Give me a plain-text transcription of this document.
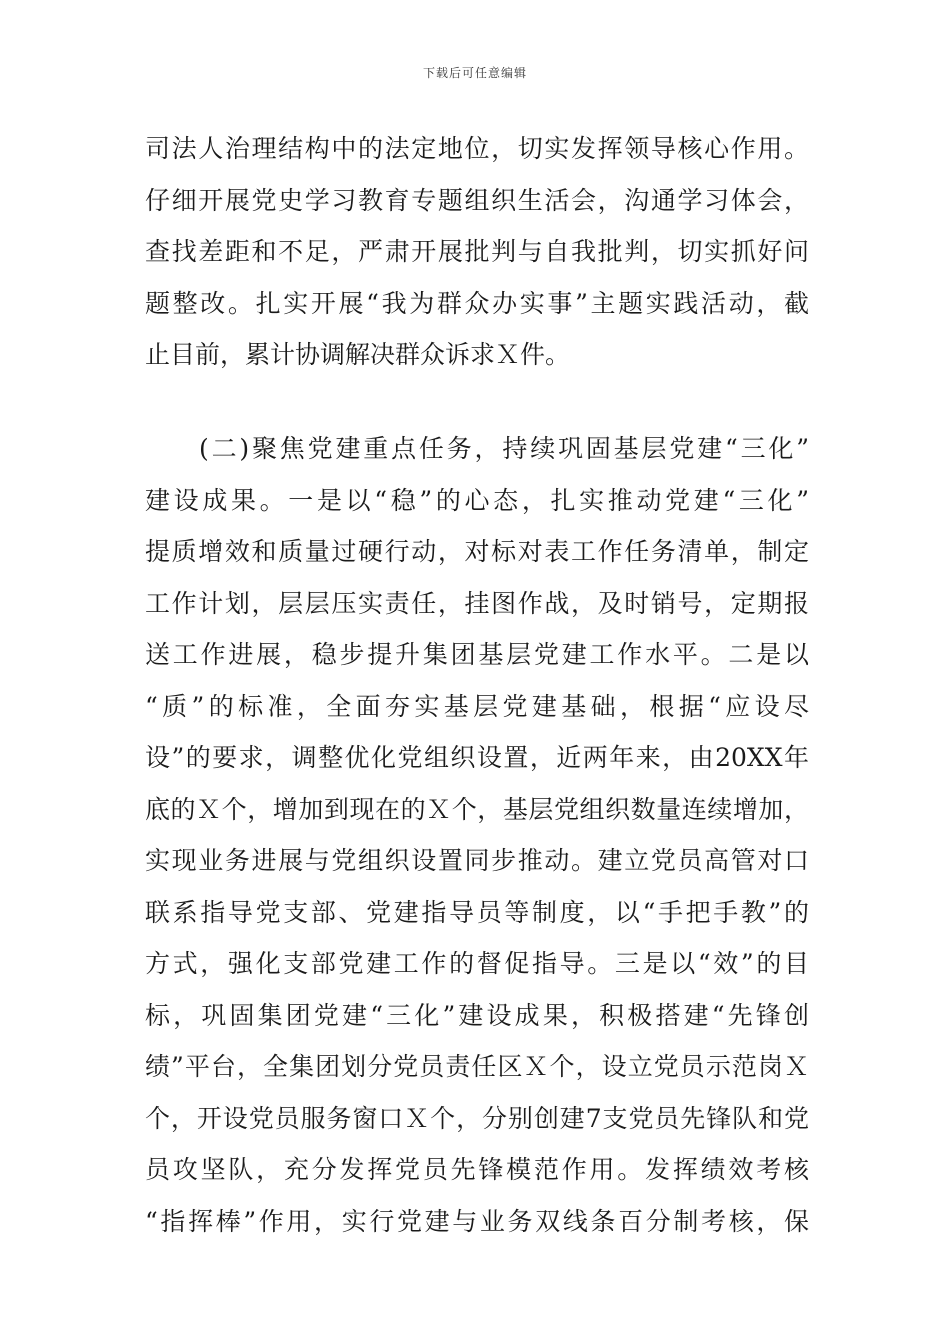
下载后可任意编辑
司法人治理结构中的法定地位，切实发挥领导核心作用。
仔细开展党史学习教育专题组织生活会，沟通学习体会，
查找差距和不足，严肃开展批判与自我批判，切实抓好问
题整改。扎实开展“我为群众办实事”主题实践活动，截
止目前，累计协调解决群众诉求Ｘ件。
(二)聚焦党建重点任务，持续巩固基层党建“三化”
建设成果。一是以“稳”的心态，扎实推动党建“三化”
提质增效和质量过硬行动，对标对表工作任务清单，制定
工作计划，层层压实责任，挂图作战，及时销号，定期报
送工作进展，稳步提升集团基层党建工作水平。二是以
“质”的标准，全面夯实基层党建基础，根据“应设尽
设”的要求，调整优化党组织设置，近两年来，由20XX年
底的Ｘ个，增加到现在的Ｘ个，基层党组织数量连续增加，
实现业务进展与党组织设置同步推动。建立党员高管对口
联系指导党支部、党建指导员等制度，以“手把手教”的
方式，强化支部党建工作的督促指导。三是以“效”的目
标，巩固集团党建“三化”建设成果，积极搭建“先锋创
绩”平台，全集团划分党员责任区Ｘ个，设立党员示范岗Ｘ
个，开设党员服务窗口Ｘ个，分别创建7支党员先锋队和党
员攻坚队，充分发挥党员先锋模范作用。发挥绩效考核
“指挥棒”作用，实行党建与业务双线条百分制考核，保
